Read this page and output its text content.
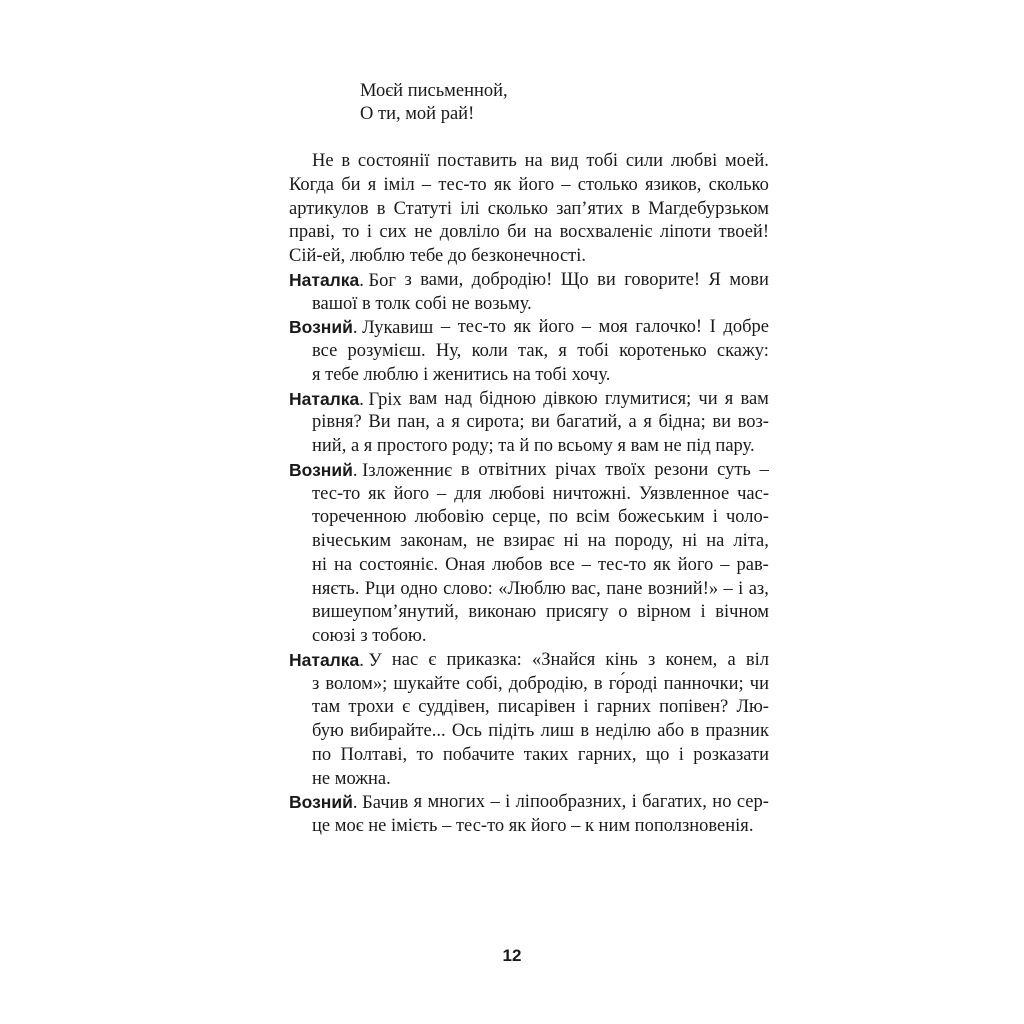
Моєй письменной,
О ти, мой рай!
Не в состоянії поставить на вид тобі сили любві моей.
Когда би я іміл – тес-то як його – столько язиков, сколько
артикулов в Статуті ілі сколько зап’ятих в Магдебурзьком
праві, то і сих не довліло би на восхваленіє ліпоти твоей!
Сій-ей, люблю тебе до безконечності.
Наталка. Бог з вами, добродію! Що ви говорите! Я мови
вашої в толк собі не возьму.
Возний. Лукавиш – тес-то як його – моя галочко! І добре
все розумієш. Ну, коли так, я тобі коротенько скажу:
я тебе люблю і женитись на тобі хочу.
Наталка. Гріх вам над бідною дівкою глумитися; чи я вам
рівня? Ви пан, а я сирота; ви багатий, а я бідна; ви воз-
ний, а я простого роду; та й по всьому я вам не під пару.
Возний. Ізложенниє в отвітних річах твоїх резони суть –
тес-то як його – для любові ничтожні. Уязвленное час-
тореченною любовію серце, по всім божеським і чоло-
вічеським законам, не взирає ні на породу, ні на літа,
ні на состояніє. Оная любов все – тес-то як його – рав-
няєть. Рци одно слово: «Люблю вас, пане возний!» – і аз,
вишеупом’янутий, виконаю присягу о вірном і вічном
союзі з тобою.
Наталка. У нас є приказка: «Знайся кінь з конем, а віл
з волом»; шукайте собі, добродію, в го́роді панночки; чи
там трохи є суддівен, писарівен і гарних попівен? Лю-
бую вибирайте... Ось підіть лиш в неділю або в празник
по Полтаві, то побачите таких гарних, що і розказати
не можна.
Возний. Бачив я многих – і ліпообразних, і багатих, но сер-
це моє не імієть – тес-то як його – к ним поползновенія.
12
